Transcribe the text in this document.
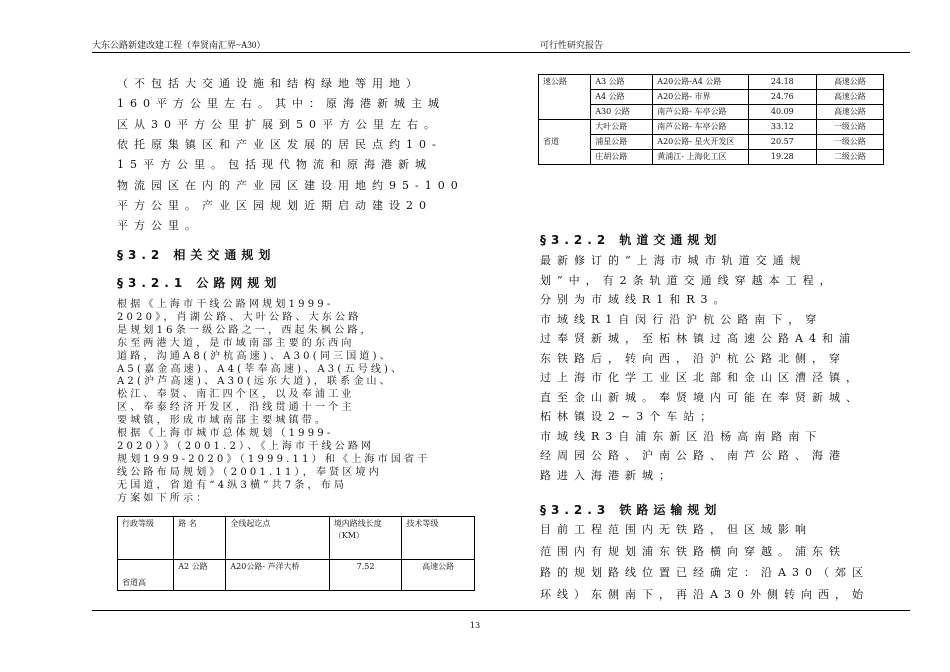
大东公路新建改建工程（奉贤南汇界~A30）	可行性研究报告
（不包括大交通设施和结构绿地等用地）
160平方公里左右。其中：原海港新城主城
区从30平方公里扩展到50平方公里左右。
依托原集镇区和产业区发展的居民点约10-
15平方公里。包括现代物流和原海港新城
物流园区在内的产业园区建设用地约95-100
平方公里。产业区园规划近期启动建设20
平方公里。
§3.2 相关交通规划
§3.2.1 公路网规划
根据《上海市干线公路网规划1999-
2020》，肖湖公路、大叶公路、大东公路
是规划16条一级公路之一，西起朱枫公路，
东至两港大道，是市域南部主要的东西向
道路，沟通A8(沪杭高速)、A30(同三国道)、
A5(嘉金高速)、A4(莘奉高速)、A3(五号线)、
A2(沪芦高速)、A30(远东大道)，联系金山、
松江、奉贤、南汇四个区，以及奉浦工业
区、奉泰经济开发区，沿线贯通十一个主
要城镇，形成市域南部主要城镇带。
根据《上海市城市总体规划（1999-
2020）》（2001.2）、《上海市干线公路网
规划1999-2020》（1999.11）和《上海市国省干
线公路布局规划》（2001.11），奉贤区境内
无国道，省道有“4纵3横”共7条，布局
方案如下所示：
行政等级	路 名	全线起讫点	境内路线长度（KM）	技术等级
省道高	A2 公路	A20公路- 芦洋大桥	7.52	高速公路
速公路	A3 公路	A20公路-A4 公路	24.18	高速公路
	A4 公路	A20公路- 市界	24.76	高速公路
	A30 公路	南芦公路- 车亭公路	40.09	高速公路
省道	大叶公路	南芦公路- 车亭公路	33.12	一级公路
	浦星公路	A20公路- 星火开发区	20.57	一级公路
	庄胡公路	黄浦江- 上海化工区	19.28	二级公路
§3.2.2 轨道交通规划
最新修订的“上海市城市轨道交通规
划”中，有2条轨道交通线穿越本工程，
分别为市域线R1和R3。
市域线R1自闵行沿沪杭公路南下，穿
过奉贤新城，至柘林镇过高速公路A4和浦
东铁路后，转向西，沿沪杭公路北侧，穿
过上海市化学工业区北部和金山区漕泾镇，
直至金山新城。奉贤境内可能在奉贤新城、
柘林镇设2~3个车站；
市域线R3自浦东新区沿杨高南路南下
经周园公路、沪南公路、南芦公路、海港
路进入海港新城；
§3.2.3 铁路运输规划
目前工程范围内无铁路，但区域影响
范围内有规划浦东铁路横向穿越。浦东铁
路的规划路线位置已经确定：沿A30（郊区
环线）东侧南下，再沿A30外侧转向西，始
13
